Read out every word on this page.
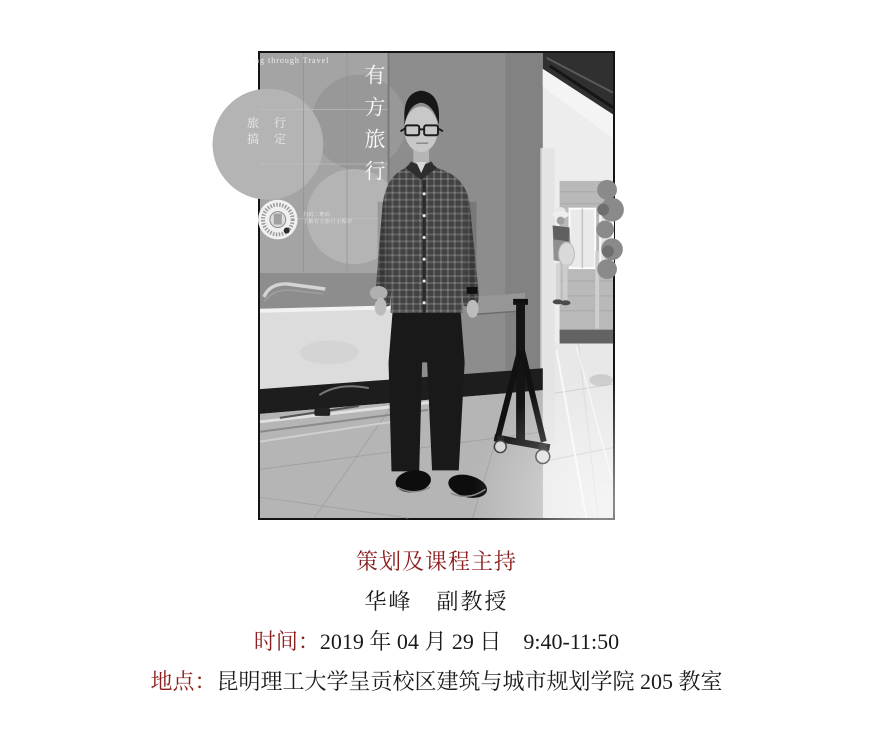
ng through Travel
有方旅行
旅 行
搞 定
扫码二维码
了解有方旅行小程序
策划及课程主持
华峰　副教授
时间：2019 年 04 月 29 日　9:40-11:50
地点：昆明理工大学呈贡校区建筑与城市规划学院 205 教室
